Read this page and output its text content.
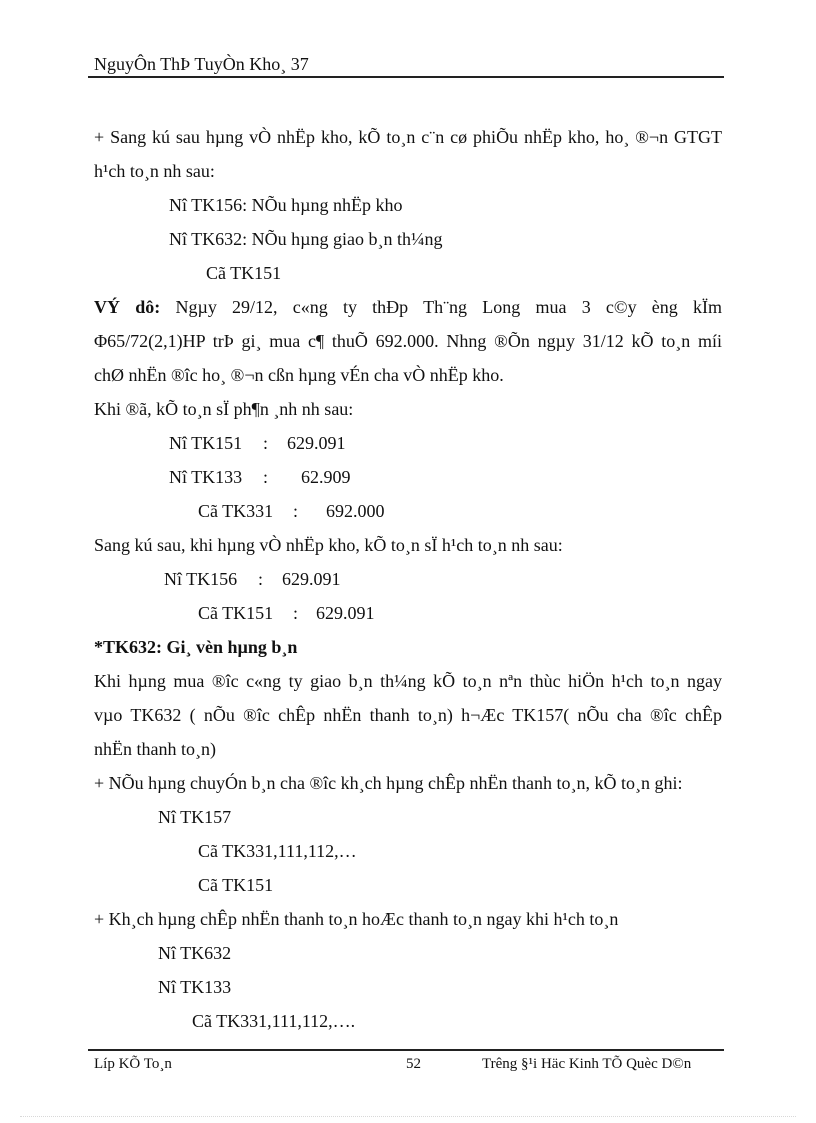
NguyÔn ThÞ TuyÒn Kho¸ 37
+ Sang kú sau hµng vÒ nhËp kho, kÕ to¸n c¨n cø phiÕu nhËp kho, ho¸ ®¬n GTGT
h¹ch to¸n nh sau:
Nî TK156: NÕu hµng nhËp kho
Nî TK632: NÕu hµng giao b¸n th¼ng
Cã TK151
VÝ dô: Ngµy 29/12, c«ng ty thÐp Th¨ng Long mua 3 c©y èng kÏm
Φ65/72(2,1)HP trÞ gi¸ mua c¶ thuÕ 692.000. Nhng ®Õn ngµy 31/12 kÕ to¸n míi
chØ nhËn ®îc ho¸ ®¬n cßn hµng vÉn cha vÒ nhËp kho.
Khi ®ã, kÕ to¸n sÏ ph¶n ¸nh nh sau:
Nî TK151 : 629.091
Nî TK133 : 62.909
Cã TK331 : 692.000
Sang kú sau, khi hµng vÒ nhËp kho, kÕ to¸n sÏ h¹ch to¸n nh sau:
Nî TK156 : 629.091
Cã TK151 : 629.091
*TK632: Gi¸ vèn hµng b¸n
Khi hµng mua ®îc c«ng ty giao b¸n th¼ng kÕ to¸n nªn thùc hiÖn h¹ch to¸n ngay
vµo TK632 ( nÕu ®îc chÊp nhËn thanh to¸n) h¬Æc TK157( nÕu cha ®îc chÊp
nhËn thanh to¸n)
+ NÕu hµng chuyÓn b¸n cha ®îc kh¸ch hµng chÊp nhËn thanh to¸n, kÕ to¸n ghi:
Nî TK157
Cã TK331,111,112,…
Cã TK151
+ Kh¸ch hµng chÊp nhËn thanh to¸n hoÆc thanh to¸n ngay khi h¹ch to¸n
Nî TK632
Nî TK133
Cã TK331,111,112,….
Líp KÕ To¸n	52	Trêng §¹i Häc Kinh TÕ Quèc D©n
